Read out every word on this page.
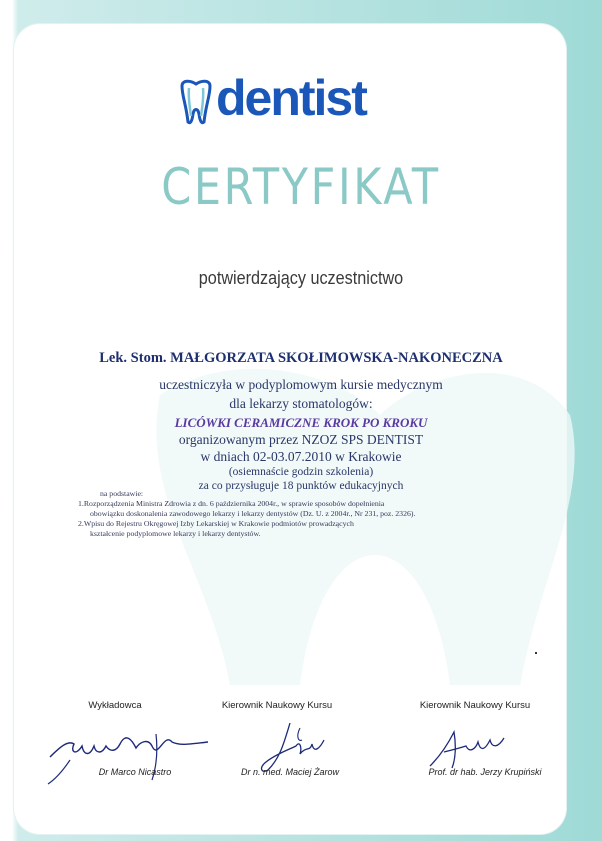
dentist
CERTYFIKAT
potwierdzający uczestnictwo
Lek. Stom. MAŁGORZATA SKOŁIMOWSKA-NAKONECZNA
uczestniczyła w podyplomowym kursie medycznym
dla lekarzy stomatologów:
LICÓWKI CERAMICZNE KROK PO KROKU
organizowanym przez NZOZ SPS DENTIST
w dniach 02-03.07.2010 w Krakowie
(osiemnaście godzin szkolenia)
za co przysługuje 18 punktów edukacyjnych
na podstawie:
1.Rozporządzenia Ministra Zdrowia z dn. 6 października 2004r., w sprawie sposobów dopełnienia
obowiązku doskonalenia zawodowego lekarzy i lekarzy dentystów (Dz. U. z 2004r., Nr 231, poz. 2326).
2.Wpisu do Rejestru Okręgowej Izby Lekarskiej w Krakowie podmiotów prowadzących
kształcenie podyplomowe lekarzy i lekarzy dentystów.
Wykładowca
Dr Marco Nicastro
Kierownik Naukowy Kursu
Dr n. med. Maciej Żarow
Kierownik Naukowy Kursu
Prof. dr hab. Jerzy Krupiński
